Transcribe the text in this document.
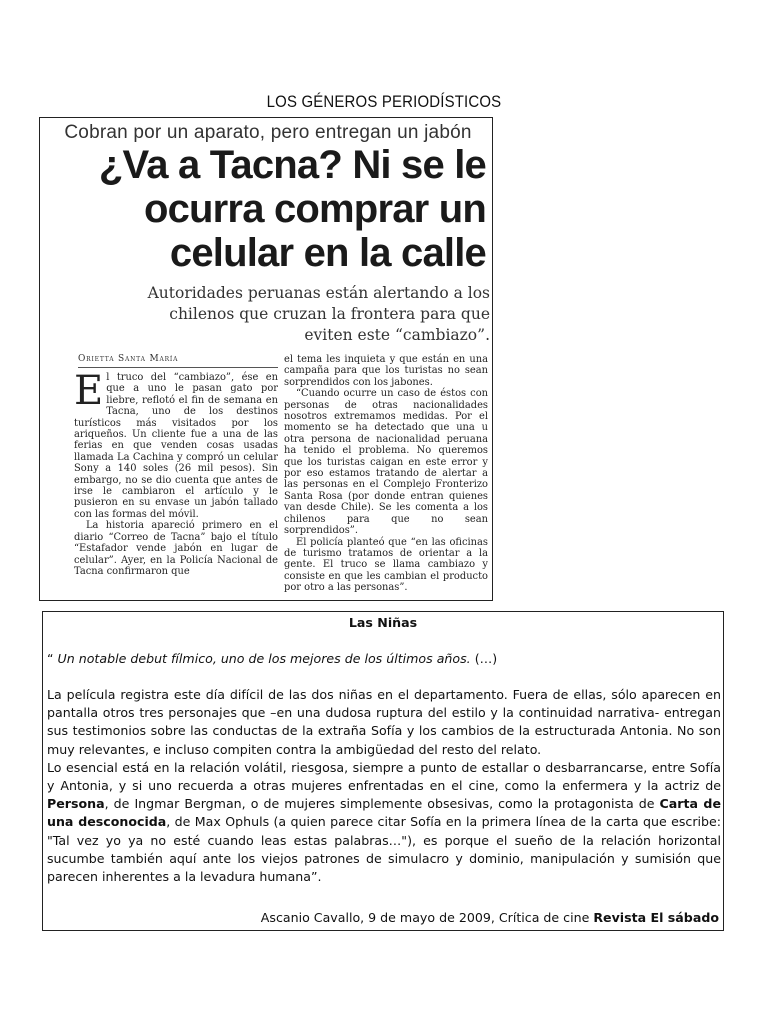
LOS GÉNEROS PERIODÍSTICOS
Cobran por un aparato, pero entregan un jabón
¿Va a Tacna? Ni se le
ocurra comprar un
celular en la calle
Autoridades peruanas están alertando a los
chilenos que cruzan la frontera para que
eviten este “cambiazo”.
Orietta Santa María

El truco del “cambiazo”, ése en que a uno le pasan gato por liebre, reflotó el fin de semana en Tacna, uno de los destinos turísticos más visitados por los ariqueños. Un cliente fue a una de las ferias en que venden cosas usadas llamada La Cachina y compró un celular Sony a 140 soles (26 mil pesos). Sin embargo, no se dio cuenta que antes de irse le cambiaron el artículo y le pusieron en su envase un jabón tallado con las formas del móvil.

La historia apareció primero en el diario “Correo de Tacna” bajo el título “Estafador vende jabón en lugar de celular”. Ayer, en la Policía Nacional de Tacna confirmaron que

el tema les inquieta y que están en una campaña para que los turistas no sean sorprendidos con los jabones.

“Cuando ocurre un caso de éstos con personas de otras nacionalidades nosotros extremamos medidas. Por el momento se ha detectado que una u otra persona de nacionalidad peruana ha tenido el problema. No queremos que los turistas caigan en este error y por eso estamos tratando de alertar a las personas en el Complejo Fronterizo Santa Rosa (por donde entran quienes van desde Chile). Se les comenta a los chilenos para que no sean sorprendidos”.

El policía planteó que “en las oficinas de turismo tratamos de orientar a la gente. El truco se llama cambiazo y consiste en que les cambian el producto por otro a las personas”.

Las Niñas
“ Un notable debut fílmico, uno de los mejores de los últimos años. (…)

La película registra este día difícil de las dos niñas en el departamento. Fuera de ellas, sólo aparecen en pantalla otros tres personajes que –en una dudosa ruptura del estilo y la continuidad narrativa- entregan sus testimonios sobre las conductas de la extraña Sofía y los cambios de la estructurada Antonia. No son muy relevantes, e incluso compiten contra la ambigüedad del resto del relato.

Lo esencial está en la relación volátil, riesgosa, siempre a punto de estallar o desbarrancarse, entre Sofía y Antonia, y si uno recuerda a otras mujeres enfrentadas en el cine, como la enfermera y la actriz de Persona, de Ingmar Bergman, o de mujeres simplemente obsesivas, como la protagonista de Carta de una desconocida, de Max Ophuls (a quien parece citar Sofía en la primera línea de la carta que escribe: "Tal vez yo ya no esté cuando leas estas palabras…"), es porque el sueño de la relación horizontal sucumbe también aquí ante los viejos patrones de simulacro y dominio, manipulación y sumisión que parecen inherentes a la levadura humana”.

Ascanio Cavallo, 9 de mayo de 2009, Crítica de cine Revista El sábado
